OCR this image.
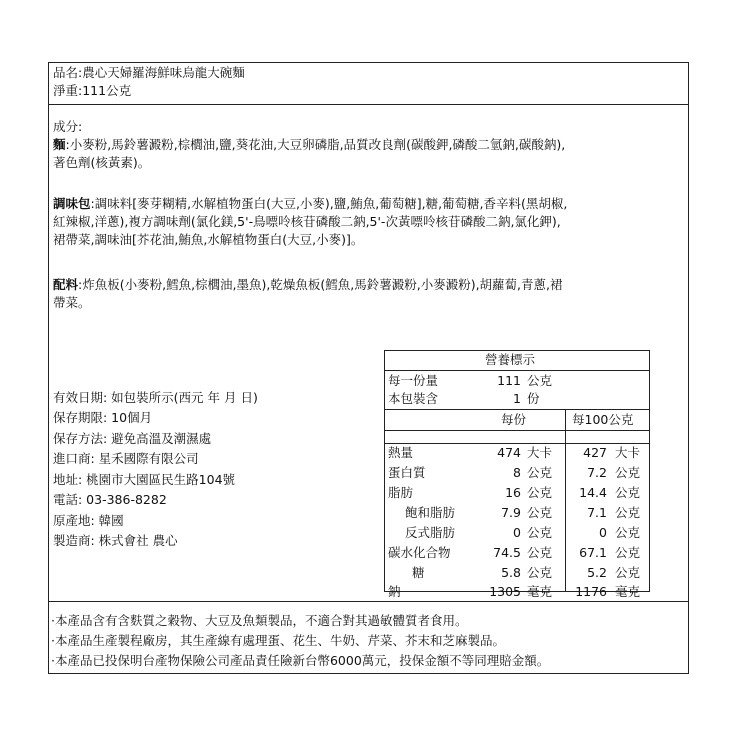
品名:農心天婦羅海鮮味烏龍大碗麵
淨重:111公克
成分:
麵:小麥粉,馬鈴薯澱粉,棕櫚油,鹽,葵花油,大豆卵磷脂,品質改良劑(碳酸鉀,磷酸二氫鈉,碳酸鈉),
著色劑(核黃素)。
調味包:調味料[麥芽糊精,水解植物蛋白(大豆,小麥),鹽,鮪魚,葡萄糖],糖,葡萄糖,香辛料(黑胡椒,
紅辣椒,洋蔥),複方調味劑(氯化鎂,5'-鳥嘌呤核苷磷酸二鈉,5'-次黃嘌呤核苷磷酸二鈉,氯化鉀),
裙帶菜,調味油[芥花油,鮪魚,水解植物蛋白(大豆,小麥)]。
配料:炸魚板(小麥粉,鱈魚,棕櫚油,墨魚),乾燥魚板(鱈魚,馬鈴薯澱粉,小麥澱粉),胡蘿蔔,青蔥,裙
帶菜。
有效日期: 如包裝所示(西元 年 月 日)
保存期限: 10個月
保存方法: 避免高溫及潮濕處
進口商: 星禾國際有限公司
地址: 桃園市大園區民生路104號
電話: 03-386-8282
原產地: 韓國
製造商: 株式會社 農心
營養標示
每一份量	111 公克
本包裝含	1 份
每份	每100公克
熱量	474 大卡	427 大卡
蛋白質	8 公克	7.2 公克
脂肪	16 公克	14.4 公克
飽和脂肪	7.9 公克	7.1 公克
反式脂肪	0 公克	0 公克
碳水化合物	74.5 公克	67.1 公克
糖	5.8 公克	5.2 公克
鈉	1305 毫克	1176 毫克
·本產品含有含麩質之穀物、大豆及魚類製品，不適合對其過敏體質者食用。
·本產品生產製程廠房，其生產線有處理蛋、花生、牛奶、芹菜、芥末和芝麻製品。
·本產品已投保明台產物保險公司產品責任險新台幣6000萬元，投保金額不等同理賠金額。
